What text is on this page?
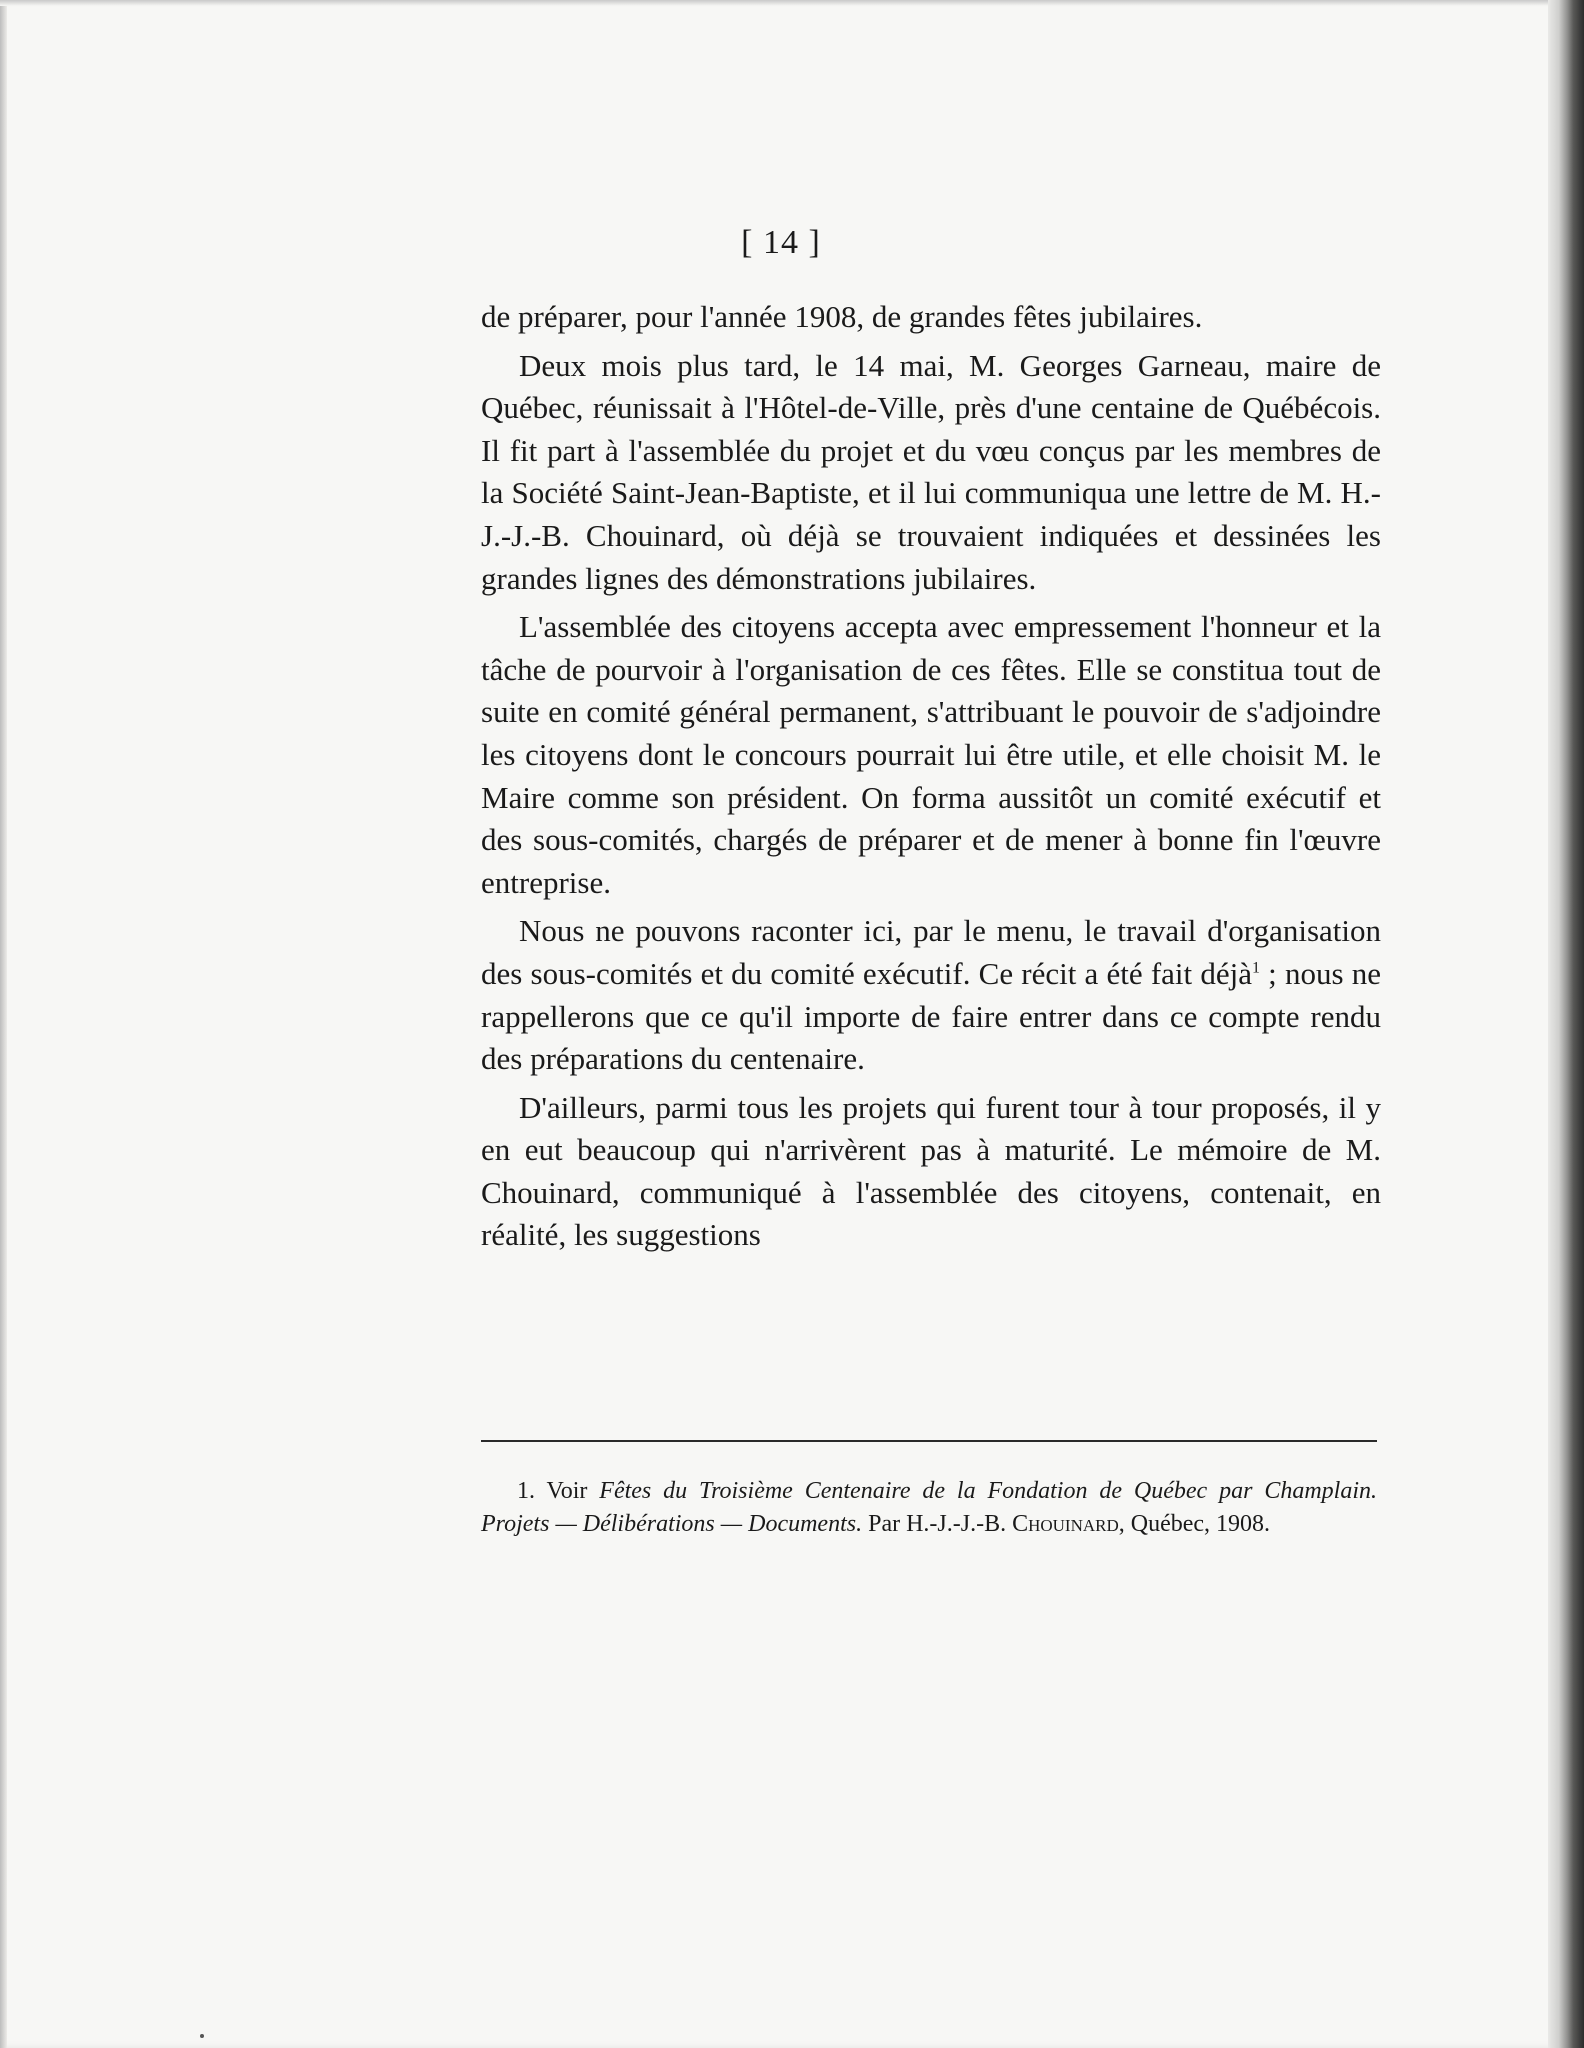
[ 14 ]

de préparer, pour l'année 1908, de grandes fêtes jubilaires.

Deux mois plus tard, le 14 mai, M. Georges Garneau, maire de Québec, réunissait à l'Hôtel-de-Ville, près d'une centaine de Québécois. Il fit part à l'assemblée du projet et du vœu conçus par les membres de la Société Saint-Jean-Baptiste, et il lui communiqua une lettre de M. H.-J.-J.-B. Chouinard, où déjà se trouvaient indiquées et dessinées les grandes lignes des démonstrations jubilaires.

L'assemblée des citoyens accepta avec empressement l'honneur et la tâche de pourvoir à l'organisation de ces fêtes. Elle se constitua tout de suite en comité général permanent, s'attribuant le pouvoir de s'adjoindre les citoyens dont le concours pourrait lui être utile, et elle choisit M. le Maire comme son président. On forma aussitôt un comité exécutif et des sous-comités, chargés de préparer et de mener à bonne fin l'œuvre entreprise.

Nous ne pouvons raconter ici, par le menu, le travail d'organisation des sous-comités et du comité exécutif. Ce récit a été fait déjà$^1$ ; nous ne rappellerons que ce qu'il importe de faire entrer dans ce compte rendu des préparations du centenaire.

D'ailleurs, parmi tous les projets qui furent tour à tour proposés, il y en eut beaucoup qui n'arrivèrent pas à maturité. Le mémoire de M. Chouinard, communiqué à l'assemblée des citoyens, contenait, en réalité, les suggestions

1. Voir Fêtes du Troisième Centenaire de la Fondation de Québec par Champlain. Projets — Délibérations — Documents. Par H.-J.-J.-B. Chouinard, Québec, 1908.
